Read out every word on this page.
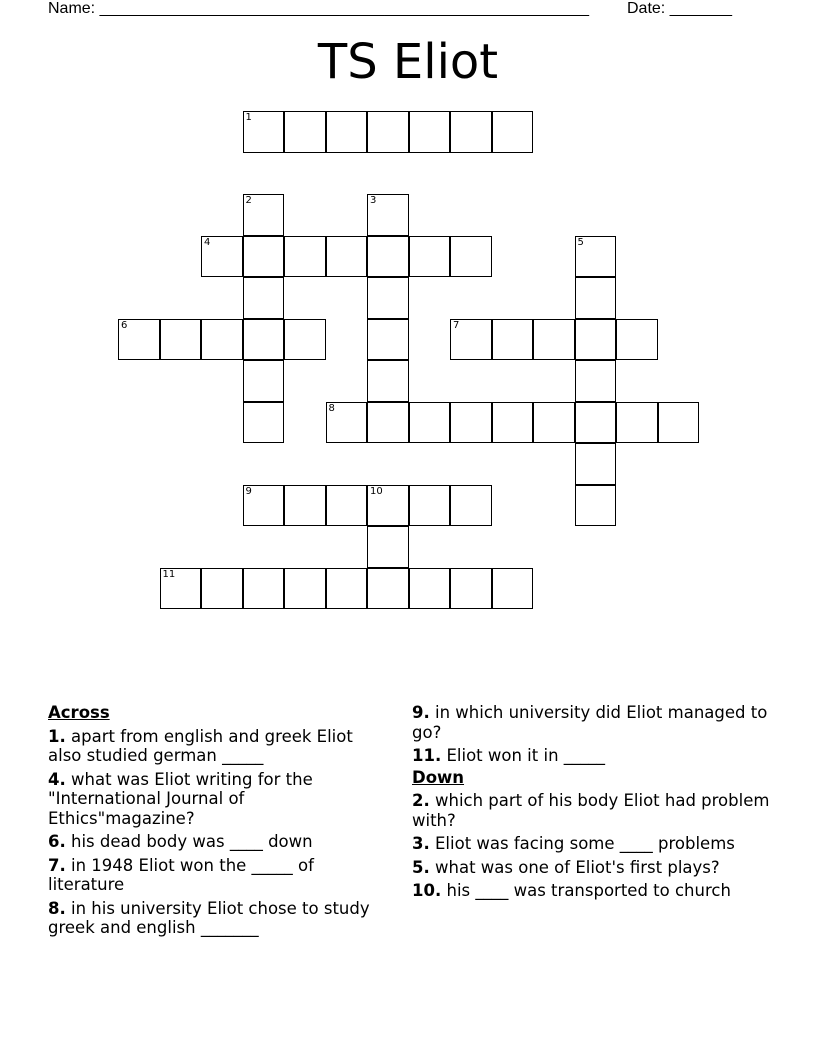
Name: _______________________________________________________ Date: _______
TS Eliot
1
2	3
4	5
6	7
8
9	10
11
Across
1. apart from english and greek Eliot also studied german _____
4. what was Eliot writing for the "International Journal of Ethics"magazine?
6. his dead body was ____ down
7. in 1948 Eliot won the _____ of literature
8. in his university Eliot chose to study greek and english _______
9. in which university did Eliot managed to go?
11. Eliot won it in _____
Down
2. which part of his body Eliot had problem with?
3. Eliot was facing some ____ problems
5. what was one of Eliot's first plays?
10. his ____ was transported to church
